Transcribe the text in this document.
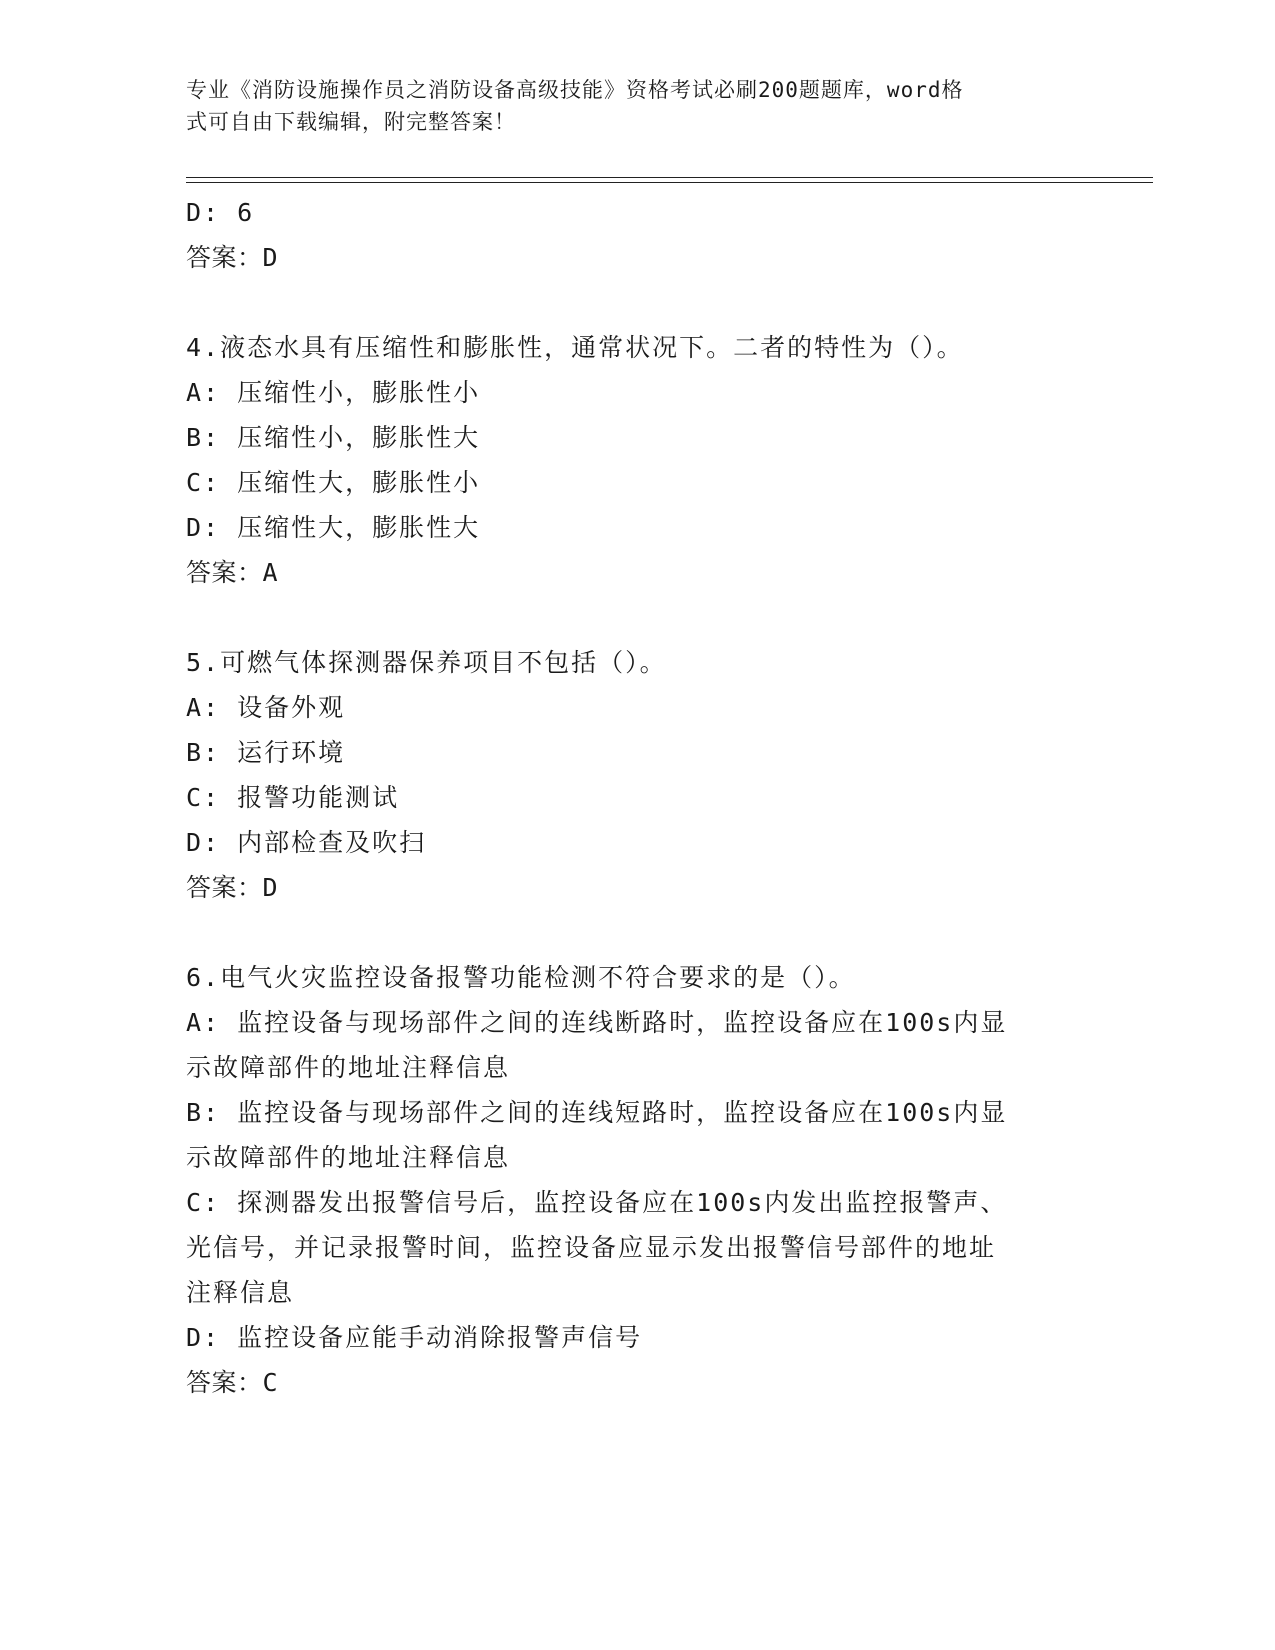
专业《消防设施操作员之消防设备高级技能》资格考试必刷200题题库，word格
式可自由下载编辑，附完整答案！
D: 6
答案：D
4.液态水具有压缩性和膨胀性，通常状况下。二者的特性为（）。
A: 压缩性小，膨胀性小
B: 压缩性小，膨胀性大
C: 压缩性大，膨胀性小
D: 压缩性大，膨胀性大
答案：A
5.可燃气体探测器保养项目不包括（）。
A: 设备外观
B: 运行环境
C: 报警功能测试
D: 内部检查及吹扫
答案：D
6.电气火灾监控设备报警功能检测不符合要求的是（）。
A: 监控设备与现场部件之间的连线断路时，监控设备应在100s内显
示故障部件的地址注释信息
B: 监控设备与现场部件之间的连线短路时，监控设备应在100s内显
示故障部件的地址注释信息
C: 探测器发出报警信号后，监控设备应在100s内发出监控报警声、
光信号，并记录报警时间，监控设备应显示发出报警信号部件的地址
注释信息
D: 监控设备应能手动消除报警声信号
答案：C
